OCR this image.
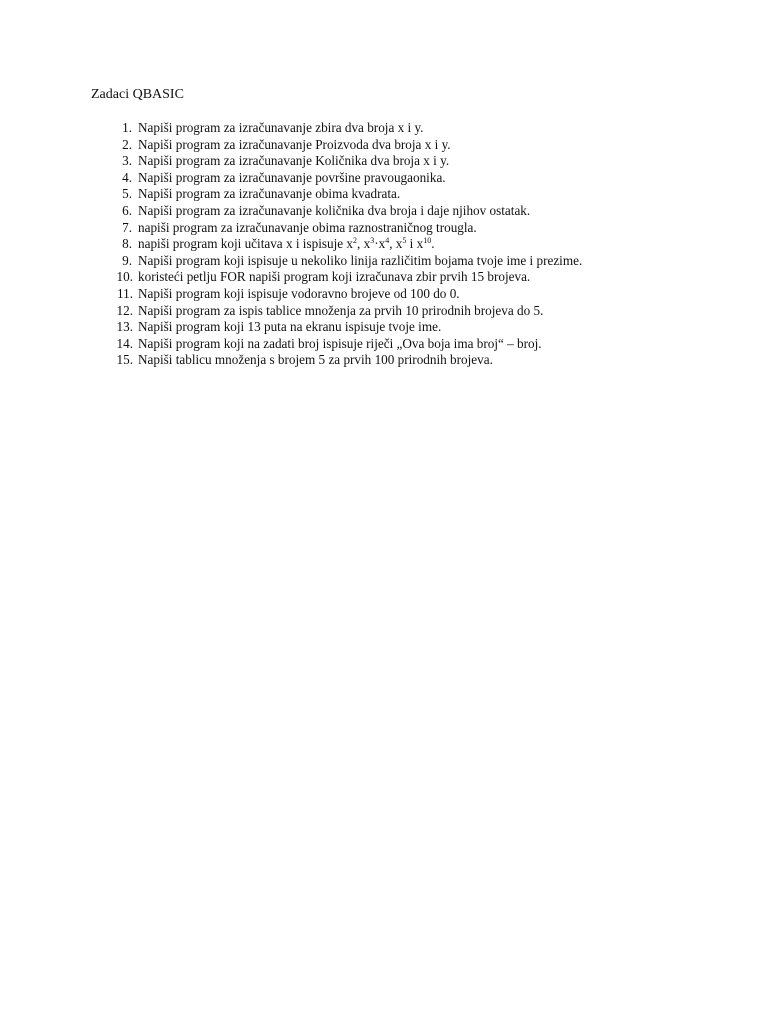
Zadaci QBASIC
1. Napiši program za izračunavanje zbira dva broja x i y.
2. Napiši program za izračunavanje Proizvoda dva broja x i y.
3. Napiši program za izračunavanje Količnika dva broja x i y.
4. Napiši program za izračunavanje površine pravougaonika.
5. Napiši program za izračunavanje obima kvadrata.
6. Napiši program za izračunavanje količnika dva broja i daje njihov ostatak.
7. napiši program za izračunavanje obima raznostraničnog trougla.
8. napiši program koji učitava x i ispisuje $x^2$, $x^3\cdot x^4$, $x^5$ i $x^{10}$.
9. Napiši program koji ispisuje u nekoliko linija različitim bojama tvoje ime i prezime.
10. koristeći petlju FOR napiši program koji izračunava zbir prvih 15 brojeva.
11. Napiši program koji ispisuje vodoravno brojeve od 100 do 0.
12. Napiši program za ispis tablice množenja za prvih 10 prirodnih brojeva do 5.
13. Napiši program koji 13 puta na ekranu ispisuje tvoje ime.
14. Napiši program koji na zadati broj ispisuje riječi „Ova boja ima broj“ – broj.
15. Napiši tablicu množenja s brojem 5 za prvih 100 prirodnih brojeva.
